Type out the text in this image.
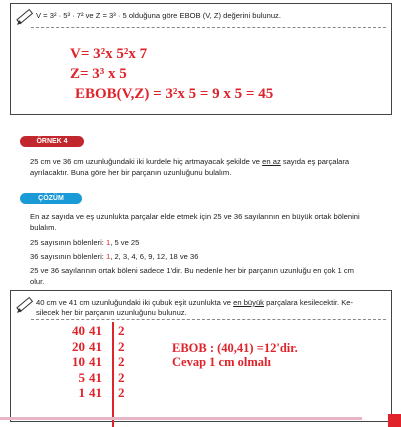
V = 3² · 5³ · 7² ve Z = 3³ · 5 olduğuna göre EBOB (V, Z) değerini bulunuz.
V= 3²x 5²x 7
Z= 3³ x 5
EBOB(V,Z) = 3²x 5 = 9 x 5 = 45
ÖRNEK 4
25 cm ve 36 cm uzunluğundaki iki kurdele hiç artmayacak şekilde ve en az sayıda eş parçalara
ayrılacaktır. Buna göre her bir parçanın uzunluğunu bulalım.
ÇÖZÜM
En az sayıda ve eş uzunlukta parçalar elde etmek için 25 ve 36 sayılarının en büyük ortak bölenini
bulalım.
25 sayısının bölenleri: 1, 5 ve 25
36 sayısının bölenleri: 1, 2, 3, 4, 6, 9, 12, 18 ve 36
25 ve 36 sayılarının ortak böleni sadece 1'dir. Bu nedenle her bir parçanın uzunluğu en çok 1 cm
olur.
40 cm ve 41 cm uzunluğundaki iki çubuk eşit uzunlukta ve en büyük parçalara kesilecektir. Ke-
silecek her bir parçanın uzunluğunu bulunuz.
40
20
10
5
1
41
41
41
41
41
2
2
2
2
2
EBOB : (40,41) =12'dir.
Cevap 1 cm olmalı
